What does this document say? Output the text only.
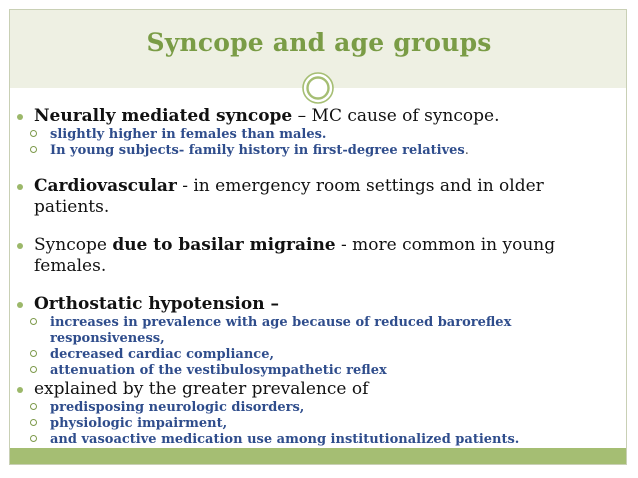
Syncope and age groups

Neurally mediated syncope – MC cause of syncope.

slightly higher in females than males.

In young subjects- family history in first-degree relatives.

Cardiovascular - in emergency room settings and in older patients.

Syncope due to basilar migraine - more common in young females.

Orthostatic hypotension –

increases in prevalence with age because of reduced baroreflex responsiveness,

decreased cardiac compliance,

attenuation of the vestibulosympathetic reflex

explained by the greater prevalence of

predisposing neurologic disorders,

physiologic impairment,

and vasoactive medication use among institutionalized patients.
